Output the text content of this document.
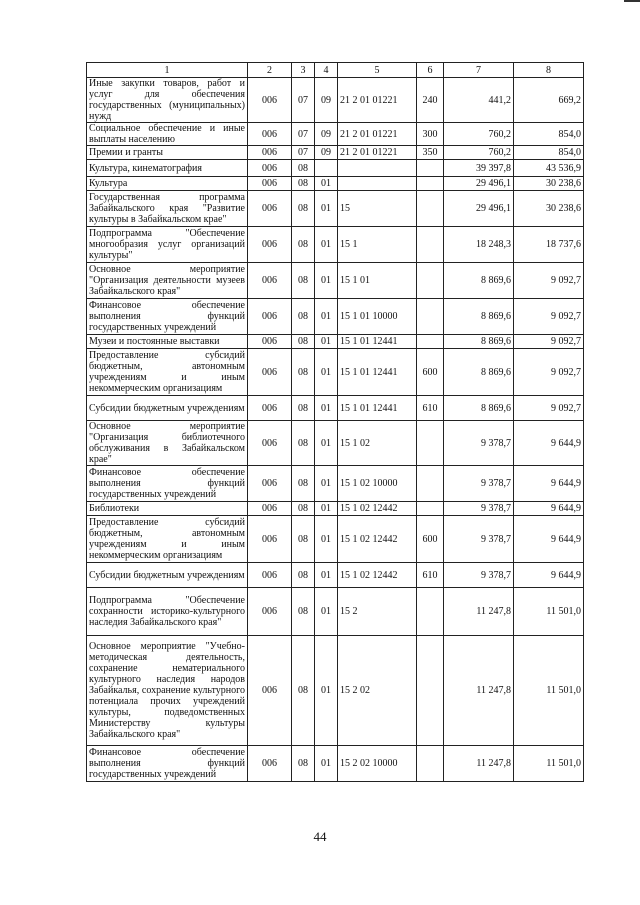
1	2	3	4	5	6	7	8
Иные закупки товаров, работ и услуг для обеспечения государственных (муниципальных) нужд	006	07	09	21 2 01 01221	240	441,2	669,2
Социальное обеспечение и иные выплаты населению	006	07	09	21 2 01 01221	300	760,2	854,0
Премии и гранты	006	07	09	21 2 01 01221	350	760,2	854,0
Культура, кинематография	006	08				39 397,8	43 536,9
Культура	006	08	01			29 496,1	30 238,6
Государственная программа Забайкальского края "Развитие культуры в Забайкальском крае"	006	08	01	15		29 496,1	30 238,6
Подпрограмма "Обеспечение многообразия услуг организаций культуры"	006	08	01	15 1		18 248,3	18 737,6
Основное мероприятие "Организация деятельности музеев Забайкальского края"	006	08	01	15 1 01		8 869,6	9 092,7
Финансовое обеспечение выполнения функций государственных учреждений	006	08	01	15 1 01 10000		8 869,6	9 092,7
Музеи и постоянные выставки	006	08	01	15 1 01 12441		8 869,6	9 092,7
Предоставление субсидий бюджетным, автономным учреждениям и иным некоммерческим организациям	006	08	01	15 1 01 12441	600	8 869,6	9 092,7
Субсидии бюджетным учреждениям	006	08	01	15 1 01 12441	610	8 869,6	9 092,7
Основное мероприятие "Организация библиотечного обслуживания в Забайкальском крае"	006	08	01	15 1 02		9 378,7	9 644,9
Финансовое обеспечение выполнения функций государственных учреждений	006	08	01	15 1 02 10000		9 378,7	9 644,9
Библиотеки	006	08	01	15 1 02 12442		9 378,7	9 644,9
Предоставление субсидий бюджетным, автономным учреждениям и иным некоммерческим организациям	006	08	01	15 1 02 12442	600	9 378,7	9 644,9
Субсидии бюджетным учреждениям	006	08	01	15 1 02 12442	610	9 378,7	9 644,9
Подпрограмма "Обеспечение сохранности историко-культурного наследия Забайкальского края"	006	08	01	15 2		11 247,8	11 501,0
Основное мероприятие "Учебно-методическая деятельность, сохранение нематериального культурного наследия народов Забайкалья, сохранение культурного потенциала прочих учреждений культуры, подведомственных Министерству культуры Забайкальского края"	006	08	01	15 2 02		11 247,8	11 501,0
Финансовое обеспечение выполнения функций государственных учреждений	006	08	01	15 2 02 10000		11 247,8	11 501,0
44
